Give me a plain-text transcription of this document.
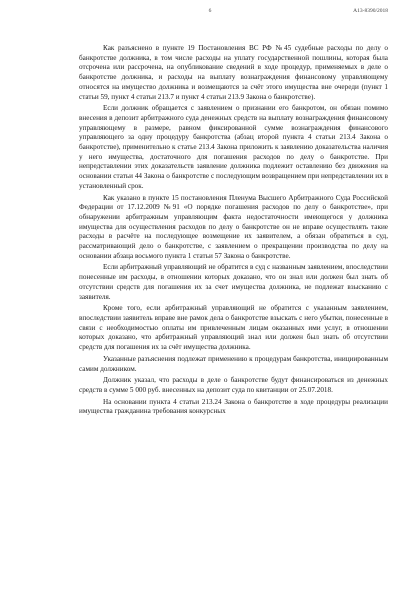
6	А13-8390/2018

Как разъяснено в пункте 19 Постановления ВС РФ №45 судебные расходы по делу о банкротстве должника, в том числе расходы на уплату государственной пошлины, которая была отсрочена или рассрочена, на опубликование сведений в ходе процедур, применяемых в деле о банкротстве должника, и расходы на выплату вознаграждения финансовому управляющему относятся на имущество должника и возмещаются за счёт этого имущества вне очереди (пункт 1 статьи 59, пункт 4 статьи 213.7 и пункт 4 статьи 213.9 Закона о банкротстве).

Если должник обращается с заявлением о признании его банкротом, он обязан помимо внесения в депозит арбитражного суда денежных средств на выплату вознаграждения финансовому управляющему в размере, равном фиксированной сумме вознаграждения финансового управляющего за одну процедуру банкротства (абзац второй пункта 4 статьи 213.4 Закона о банкротстве), применительно к статье 213.4 Закона приложить к заявлению доказательства наличия у него имущества, достаточного для погашения расходов по делу о банкротстве. При непредставлении этих доказательств заявление должника подлежит оставлению без движения на основании статьи 44 Закона о банкротстве с последующим возвращением при непредставлении их в установленный срок.

Как указано в пункте 15 постановления Пленума Высшего Арбитражного Суда Российской Федерации от 17.12.2009 №91 «О порядке погашения расходов по делу о банкротстве», при обнаружении арбитражным управляющим факта недостаточности имеющегося у должника имущества для осуществления расходов по делу о банкротстве он не вправе осуществлять такие расходы в расчёте на последующее возмещение их заявителем, а обязан обратиться в суд, рассматривающий дело о банкротстве, с заявлением о прекращении производства по делу на основании абзаца восьмого пункта 1 статьи 57 Закона о банкротстве.

Если арбитражный управляющий не обратится в суд с названным заявлением, впоследствии понесенные им расходы, в отношении которых доказано, что он знал или должен был знать об отсутствии средств для погашения их за счет имущества должника, не подлежат взысканию с заявителя.

Кроме того, если арбитражный управляющий не обратится с указанным заявлением, впоследствии заявитель вправе вне рамок дела о банкротстве взыскать с него убытки, понесенные в связи с необходимостью оплаты им привлеченным лицам оказанных ими услуг, в отношении которых доказано, что арбитражный управляющий знал или должен был знать об отсутствии средств для погашения их за счёт имущества должника.

Указанные разъяснения подлежат применению к процедурам банкротства, инициированным самим должником.

Должник указал, что расходы в деле о банкротстве будут финансироваться из денежных средств в сумме 5 000 руб. внесенных на депозит суда по квитанции от 25.07.2018.

На основании пункта 4 статьи 213.24 Закона о банкротстве в ходе процедуры реализации имущества гражданина требования конкурсных
